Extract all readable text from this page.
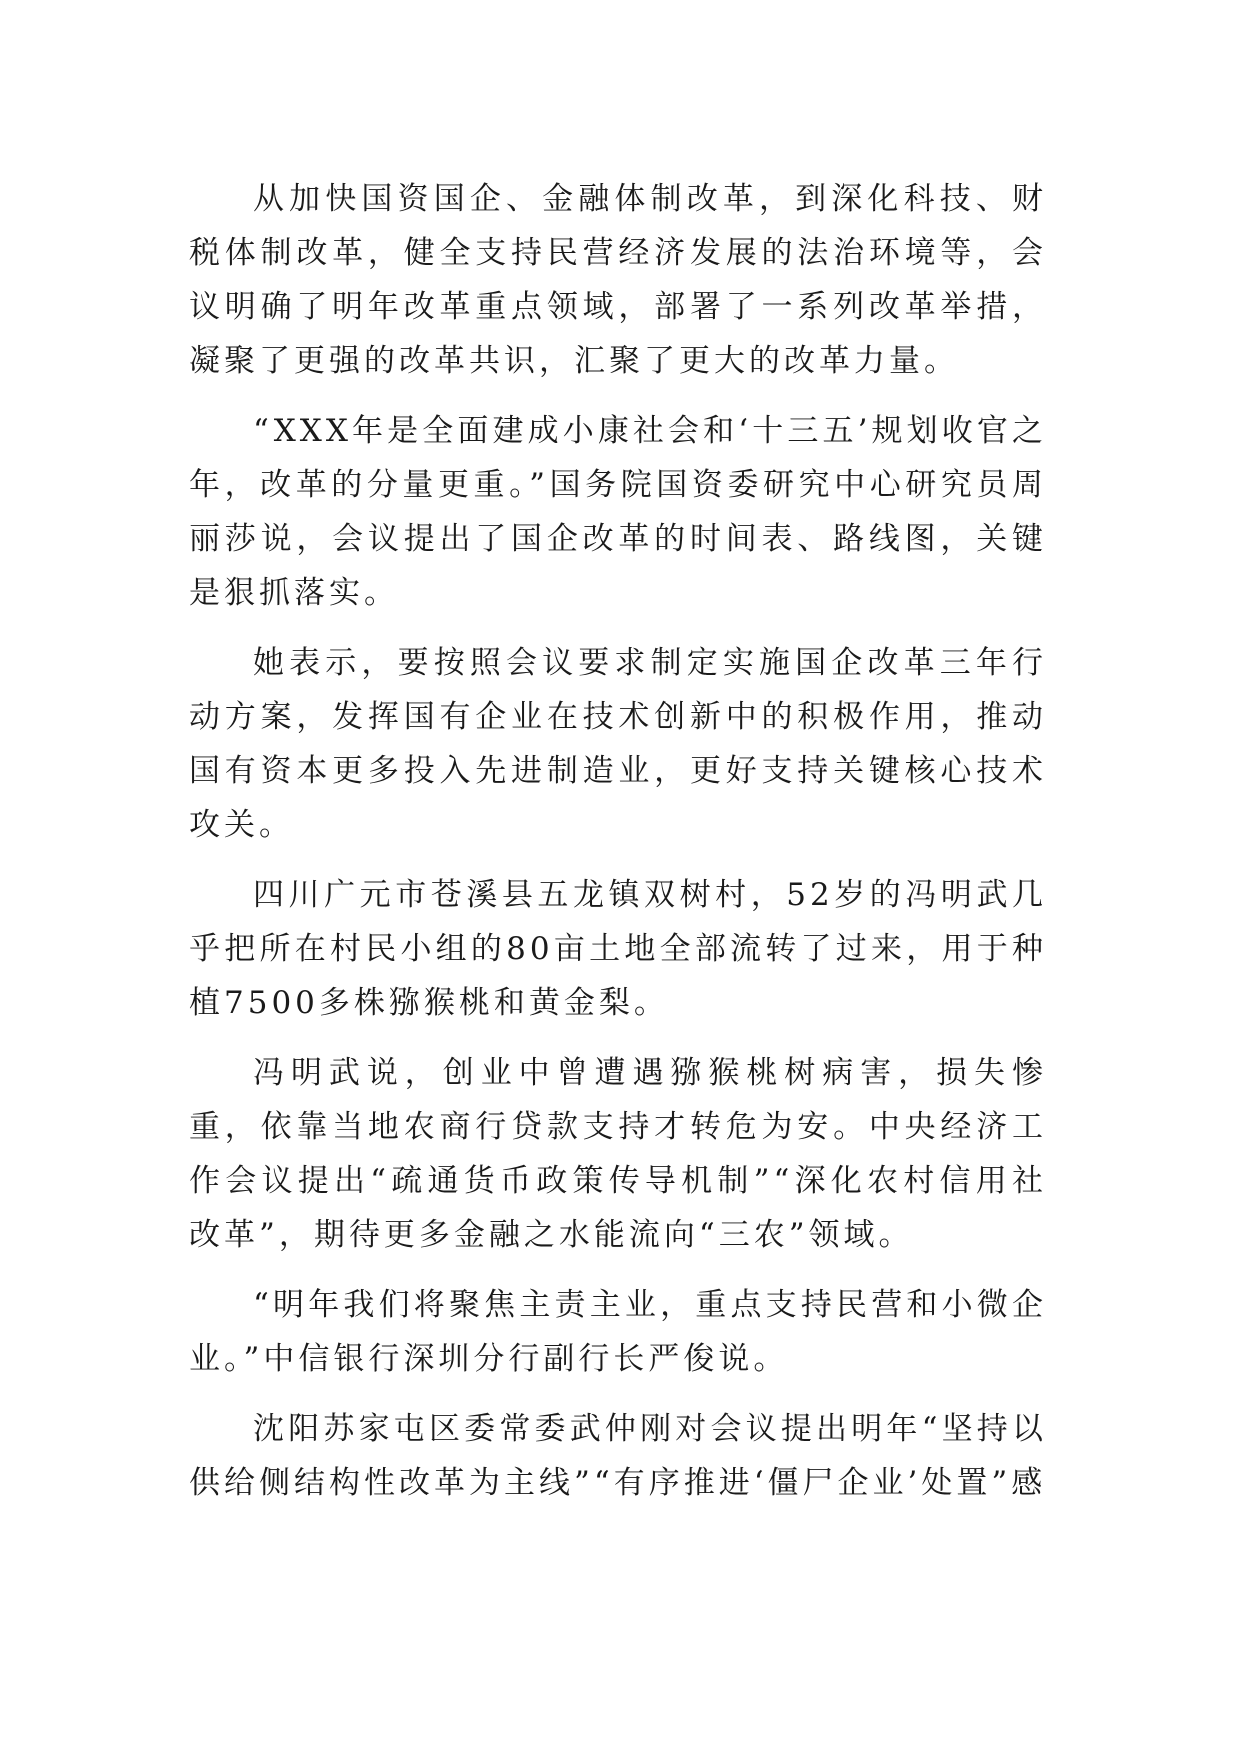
从加快国资国企、金融体制改革，到深化科技、财税体制改革，健全支持民营经济发展的法治环境等，会议明确了明年改革重点领域，部署了一系列改革举措，凝聚了更强的改革共识，汇聚了更大的改革力量。

“XXX年是全面建成小康社会和‘十三五’规划收官之年，改革的分量更重。”国务院国资委研究中心研究员周丽莎说，会议提出了国企改革的时间表、路线图，关键是狠抓落实。

她表示，要按照会议要求制定实施国企改革三年行动方案，发挥国有企业在技术创新中的积极作用，推动国有资本更多投入先进制造业，更好支持关键核心技术攻关。

四川广元市苍溪县五龙镇双树村，52岁的冯明武几乎把所在村民小组的80亩土地全部流转了过来，用于种植7500多株猕猴桃和黄金梨。

冯明武说，创业中曾遭遇猕猴桃树病害，损失惨重，依靠当地农商行贷款支持才转危为安。中央经济工作会议提出“疏通货币政策传导机制”“深化农村信用社改革”，期待更多金融之水能流向“三农”领域。

“明年我们将聚焦主责主业，重点支持民营和小微企业。”中信银行深圳分行副行长严俊说。

沈阳苏家屯区委常委武仲刚对会议提出明年“坚持以供给侧结构性改革为主线”“有序推进‘僵尸企业’处置”感
